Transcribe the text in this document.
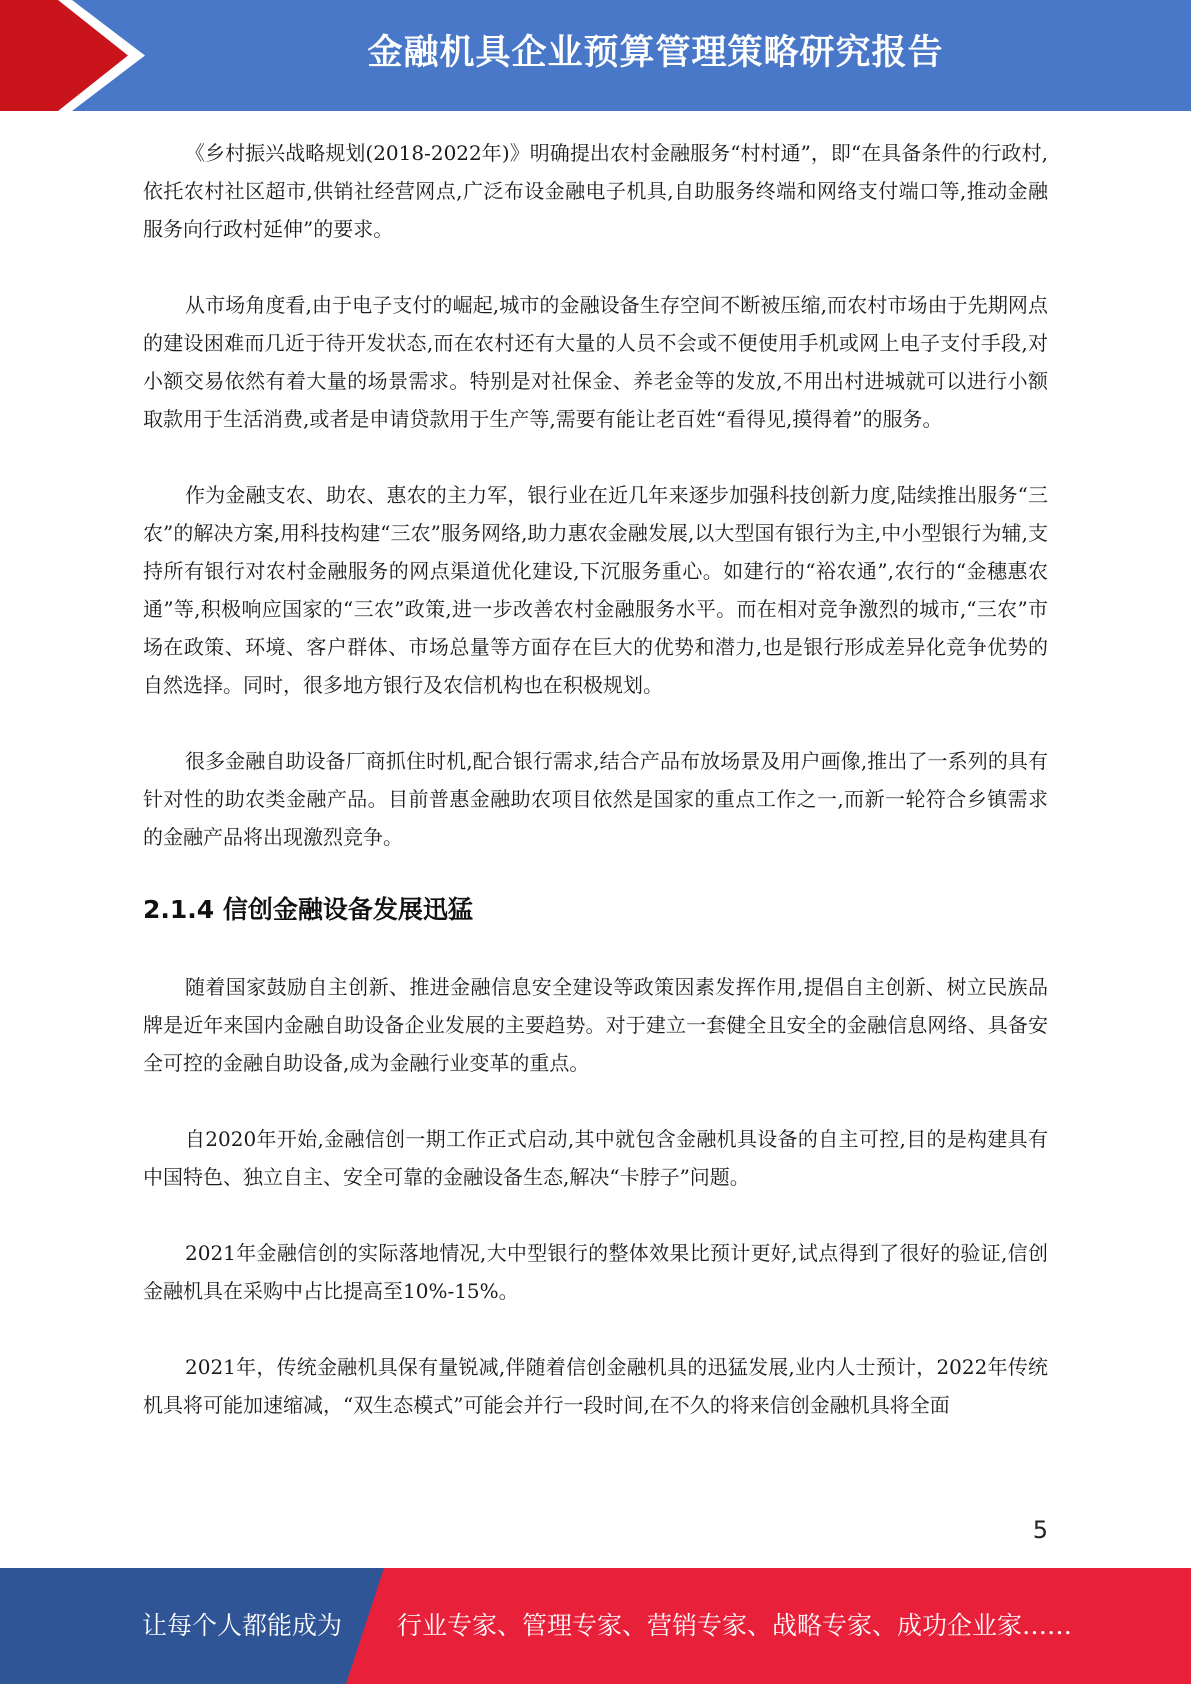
金融机具企业预算管理策略研究报告

《乡村振兴战略规划(2018-2022年)》明确提出农村金融服务“村村通”，即“在具备条件的行政村,依托农村社区超市,供销社经营网点,广泛布设金融电子机具,自助服务终端和网络支付端口等,推动金融服务向行政村延伸”的要求。

从市场角度看,由于电子支付的崛起,城市的金融设备生存空间不断被压缩,而农村市场由于先期网点的建设困难而几近于待开发状态,而在农村还有大量的人员不会或不便使用手机或网上电子支付手段,对小额交易依然有着大量的场景需求。特别是对社保金、养老金等的发放,不用出村进城就可以进行小额取款用于生活消费,或者是申请贷款用于生产等,需要有能让老百姓“看得见,摸得着”的服务。

作为金融支农、助农、惠农的主力军，银行业在近几年来逐步加强科技创新力度,陆续推出服务“三农”的解决方案,用科技构建“三农”服务网络,助力惠农金融发展,以大型国有银行为主,中小型银行为辅,支持所有银行对农村金融服务的网点渠道优化建设,下沉服务重心。如建行的“裕农通”,农行的“金穗惠农通”等,积极响应国家的“三农”政策,进一步改善农村金融服务水平。而在相对竞争激烈的城市,“三农”市场在政策、环境、客户群体、市场总量等方面存在巨大的优势和潜力,也是银行形成差异化竞争优势的自然选择。同时，很多地方银行及农信机构也在积极规划。

很多金融自助设备厂商抓住时机,配合银行需求,结合产品布放场景及用户画像,推出了一系列的具有针对性的助农类金融产品。目前普惠金融助农项目依然是国家的重点工作之一,而新一轮符合乡镇需求的金融产品将出现激烈竞争。

2.1.4 信创金融设备发展迅猛

随着国家鼓励自主创新、推进金融信息安全建设等政策因素发挥作用,提倡自主创新、树立民族品牌是近年来国内金融自助设备企业发展的主要趋势。对于建立一套健全且安全的金融信息网络、具备安全可控的金融自助设备,成为金融行业变革的重点。

自2020年开始,金融信创一期工作正式启动,其中就包含金融机具设备的自主可控,目的是构建具有中国特色、独立自主、安全可靠的金融设备生态,解决“卡脖子”问题。

2021年金融信创的实际落地情况,大中型银行的整体效果比预计更好,试点得到了很好的验证,信创金融机具在采购中占比提高至10%-15%。

2021年，传统金融机具保有量锐减,伴随着信创金融机具的迅猛发展,业内人士预计，2022年传统机具将可能加速缩减，“双生态模式”可能会并行一段时间,在不久的将来信创金融机具将全面

5
让每个人都能成为 行业专家、管理专家、营销专家、战略专家、成功企业家……
